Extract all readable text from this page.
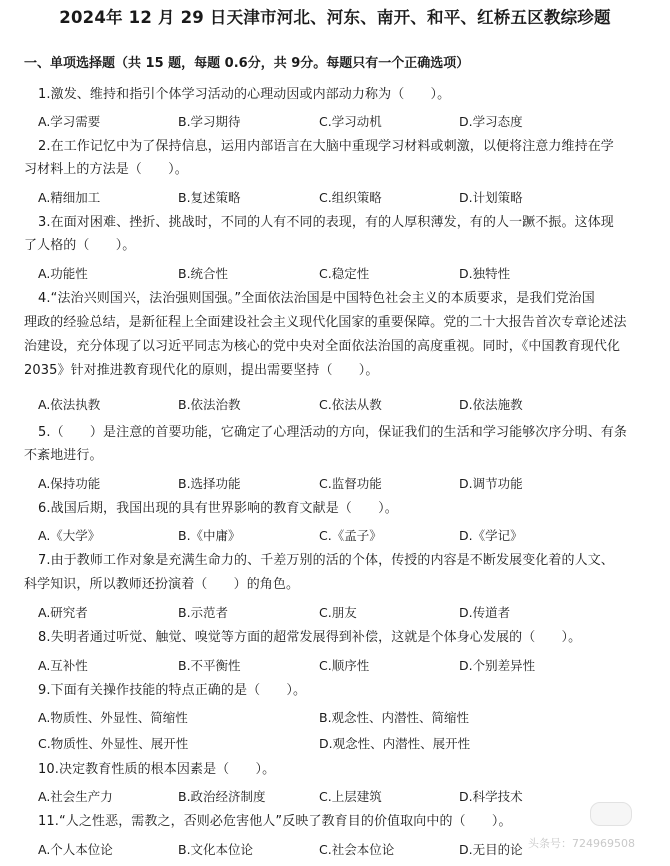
2024年 12 月 29 日天津市河北、河东、南开、和平、红桥五区教综珍题
一、单项选择题（共 15 题，每题 0.6分，共 9分。每题只有一个正确选项）
1.激发、维持和指引个体学习活动的心理动因或内部动力称为（　　）。
A.学习需要	B.学习期待	C.学习动机	D.学习态度
2.在工作记忆中为了保持信息，运用内部语言在大脑中重现学习材料或刺激，以便将注意力维持在学
习材料上的方法是（　　）。
A.精细加工	B.复述策略	C.组织策略	D.计划策略
3.在面对困难、挫折、挑战时，不同的人有不同的表现，有的人厚积薄发，有的人一蹶不振。这体现
了人格的（　　）。
A.功能性	B.统合性	C.稳定性	D.独特性
4.“法治兴则国兴，法治强则国强。”全面依法治国是中国特色社会主义的本质要求，是我们党治国
理政的经验总结，是新征程上全面建设社会主义现代化国家的重要保障。党的二十大报告首次专章论述法
治建设，充分体现了以习近平同志为核心的党中央对全面依法治国的高度重视。同时，《中国教育现代化
2035》针对推进教育现代化的原则，提出需要坚持（　　）。
A.依法执教	B.依法治教	C.依法从教	D.依法施教
5.（　　）是注意的首要功能，它确定了心理活动的方向，保证我们的生活和学习能够次序分明、有条
不紊地进行。
A.保持功能	B.选择功能	C.监督功能	D.调节功能
6.战国后期，我国出现的具有世界影响的教育文献是（　　）。
A.《大学》	B.《中庸》	C.《孟子》	D.《学记》
7.由于教师工作对象是充满生命力的、千差万别的活的个体，传授的内容是不断发展变化着的人文、
科学知识，所以教师还扮演着（　　）的角色。
A.研究者	B.示范者	C.朋友	D.传道者
8.失明者通过听觉、触觉、嗅觉等方面的超常发展得到补偿，这就是个体身心发展的（　　）。
A.互补性	B.不平衡性	C.顺序性	D.个别差异性
9.下面有关操作技能的特点正确的是（　　）。
A.物质性、外显性、简缩性	B.观念性、内潜性、简缩性
C.物质性、外显性、展开性	D.观念性、内潜性、展开性
10.决定教育性质的根本因素是（　　）。
A.社会生产力	B.政治经济制度	C.上层建筑	D.科学技术
11.“人之性恶，需教之，否则必危害他人”反映了教育目的价值取向中的（　　）。
A.个人本位论	B.文化本位论	C.社会本位论	D.无目的论 头条号：724969508
